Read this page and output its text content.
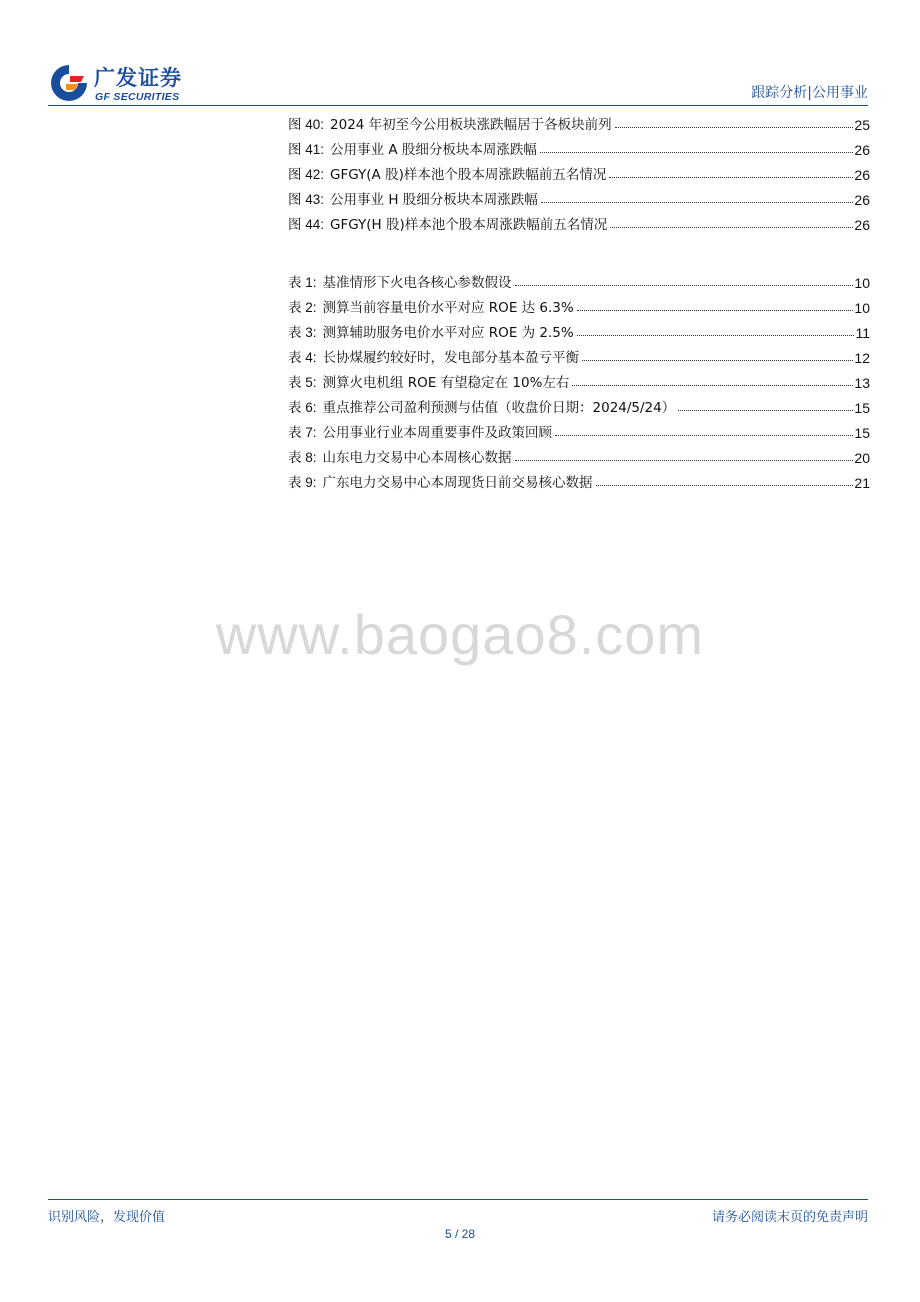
广发证券
GF SECURITIES	跟踪分析|公用事业
图 40: 2024 年初至今公用板块涨跌幅居于各板块前列	25
图 41: 公用事业 A 股细分板块本周涨跌幅	26
图 42: GFGY(A 股)样本池个股本周涨跌幅前五名情况	26
图 43: 公用事业 H 股细分板块本周涨跌幅	26
图 44: GFGY(H 股)样本池个股本周涨跌幅前五名情况	26
表 1: 基准情形下火电各核心参数假设	10
表 2: 测算当前容量电价水平对应 ROE 达 6.3%	10
表 3: 测算辅助服务电价水平对应 ROE 为 2.5%	11
表 4: 长协煤履约较好时，发电部分基本盈亏平衡	12
表 5: 测算火电机组 ROE 有望稳定在 10%左右	13
表 6: 重点推荐公司盈利预测与估值（收盘价日期：2024/5/24）	15
表 7: 公用事业行业本周重要事件及政策回顾	15
表 8: 山东电力交易中心本周核心数据	20
表 9: 广东电力交易中心本周现货日前交易核心数据	21
www.baogao8.com
识别风险，发现价值	请务必阅读末页的免责声明
5 / 28
